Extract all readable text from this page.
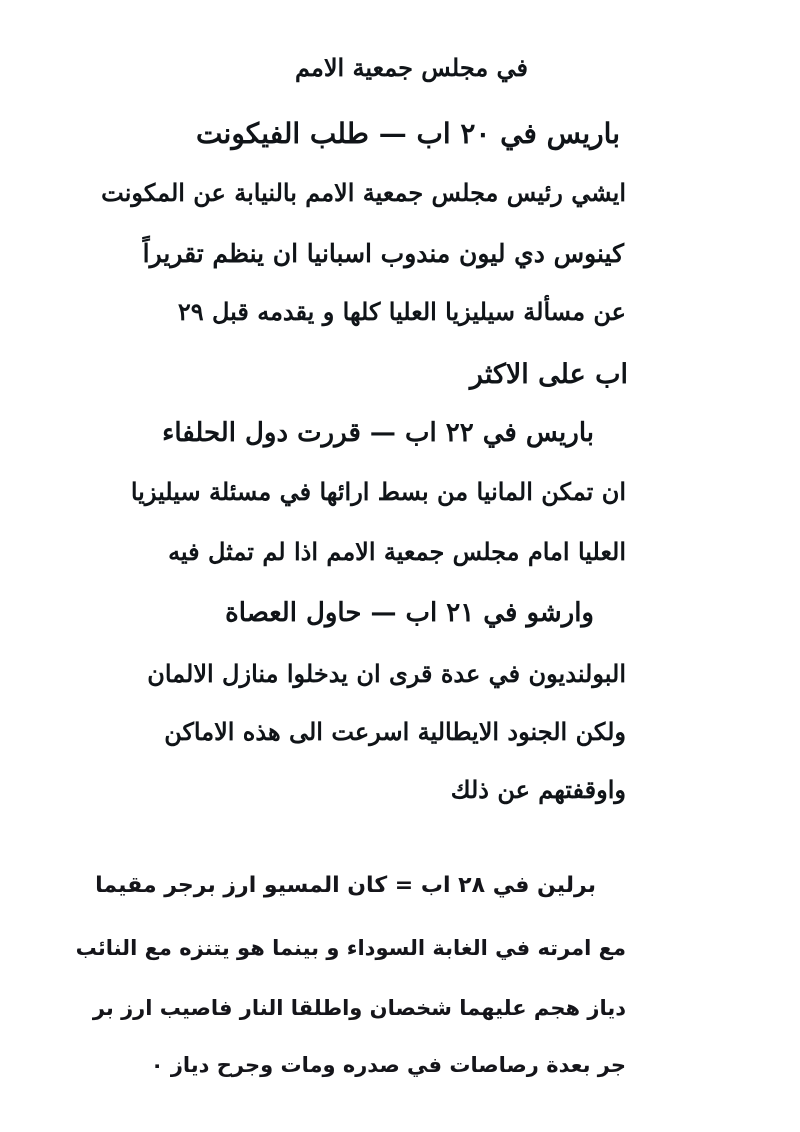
في مجلس جمعية الامم
باريس في ٢٠ اب — طلب الفيكونت
ايشي رئيس مجلس جمعية الامم بالنيابة عن المكونت
كينوس دي ليون مندوب اسبانيا ان ينظم تقريراً
عن مسألة سيليزيا العليا كلها و يقدمه قبل ٢٩
اب على الاكثر
باريس في ٢٢ اب — قررت دول الحلفاء
ان تمكن المانيا من بسط ارائها في مسئلة سيليزيا
العليا امام مجلس جمعية الامم اذا لم تمثل فيه
وارشو في ٢١ اب — حاول العصاة
البولنديون في عدة قرى ان يدخلوا منازل الالمان
ولكن الجنود الايطالية اسرعت الى هذه الاماكن
واوقفتهم عن ذلك
برلين في ٢٨ اب = كان المسيو ارز برجر مقيما
مع امرته في الغابة السوداء و بينما هو يتنزه مع النائب
دياز هجم عليهما شخصان واطلقا النار فاصيب ارز بر
جر بعدة رصاصات في صدره ومات وجرح دياز ٠
